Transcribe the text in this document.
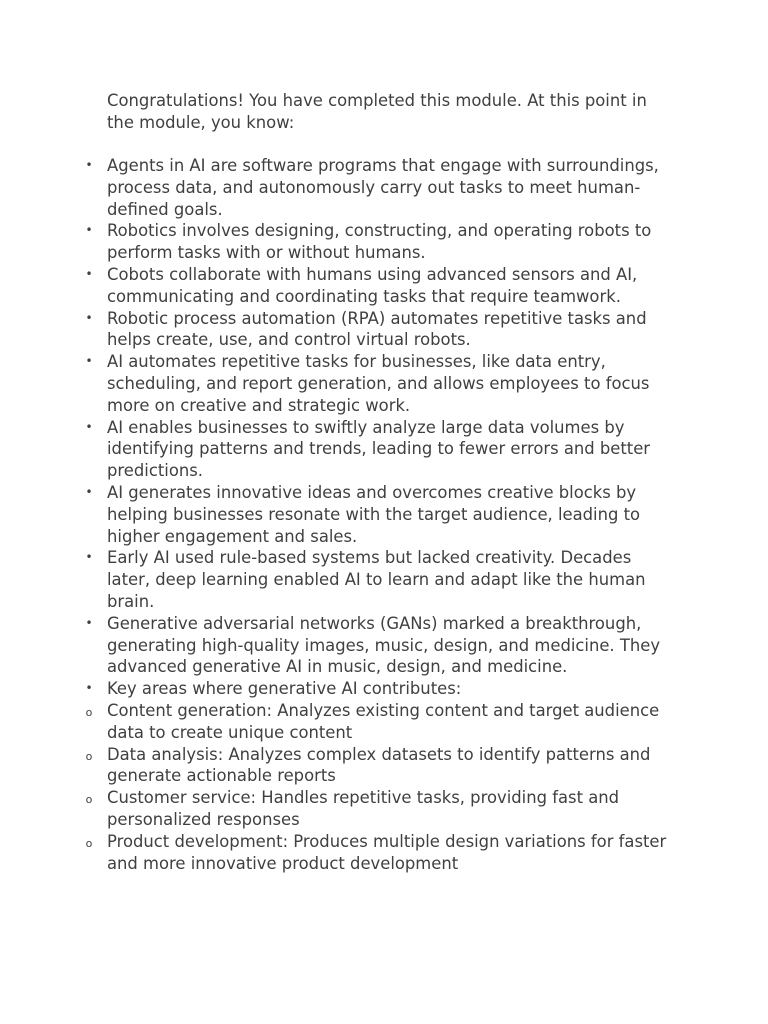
Congratulations! You have completed this module. At this point in the module, you know:

• Agents in AI are software programs that engage with surroundings, process data, and autonomously carry out tasks to meet human-defined goals.
• Robotics involves designing, constructing, and operating robots to perform tasks with or without humans.
• Cobots collaborate with humans using advanced sensors and AI, communicating and coordinating tasks that require teamwork.
• Robotic process automation (RPA) automates repetitive tasks and helps create, use, and control virtual robots.
• AI automates repetitive tasks for businesses, like data entry, scheduling, and report generation, and allows employees to focus more on creative and strategic work.
• AI enables businesses to swiftly analyze large data volumes by identifying patterns and trends, leading to fewer errors and better predictions.
• AI generates innovative ideas and overcomes creative blocks by helping businesses resonate with the target audience, leading to higher engagement and sales.
• Early AI used rule-based systems but lacked creativity. Decades later, deep learning enabled AI to learn and adapt like the human brain.
• Generative adversarial networks (GANs) marked a breakthrough, generating high-quality images, music, design, and medicine. They advanced generative AI in music, design, and medicine.
• Key areas where generative AI contributes:
o Content generation: Analyzes existing content and target audience data to create unique content
o Data analysis: Analyzes complex datasets to identify patterns and generate actionable reports
o Customer service: Handles repetitive tasks, providing fast and personalized responses
o Product development: Produces multiple design variations for faster and more innovative product development
